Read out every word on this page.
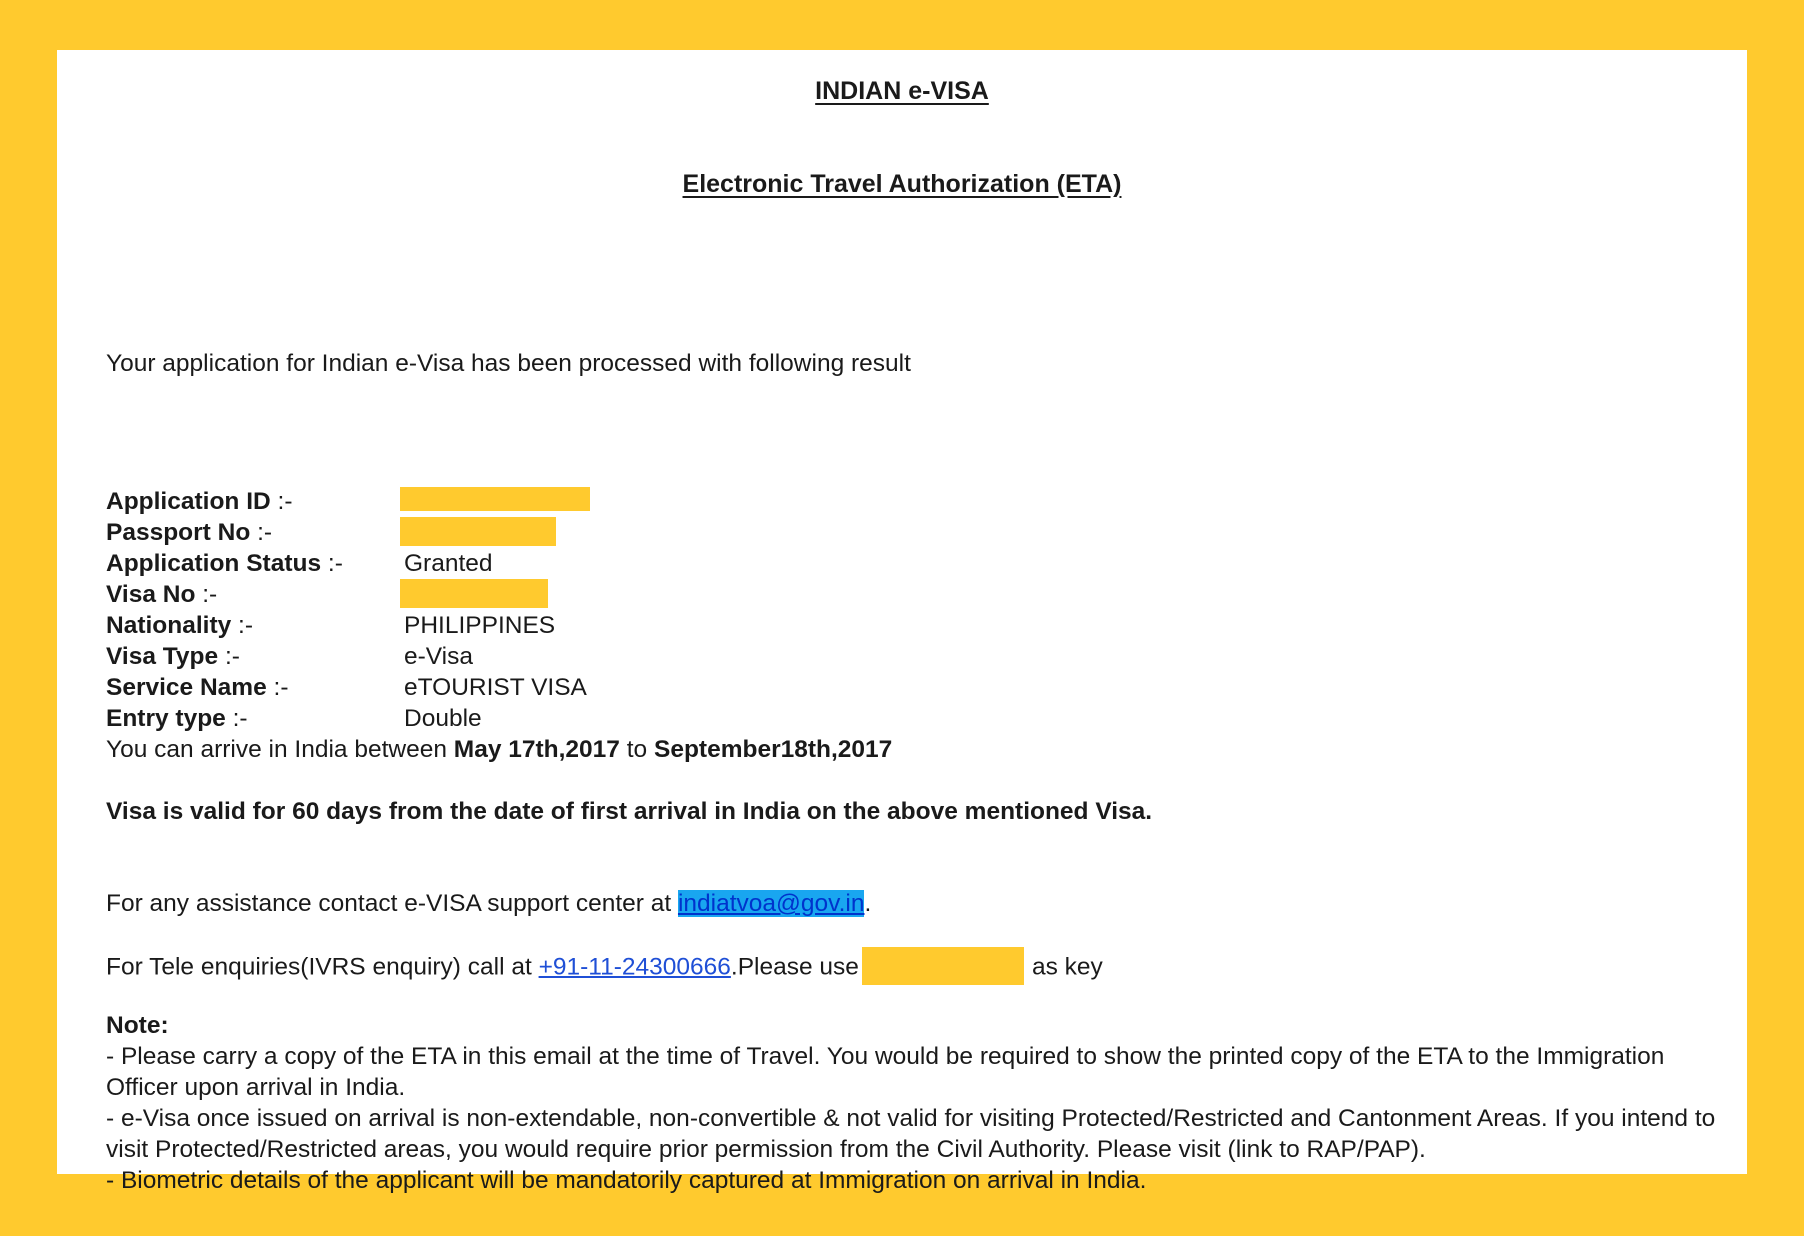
INDIAN e-VISA
Electronic Travel Authorization (ETA)
Your application for Indian e-Visa has been processed with following result
Application ID :-
Passport No :-
Application Status :- Granted
Visa No :-
Nationality :-	PHILIPPINES
Visa Type :-	e-Visa
Service Name :-	eTOURIST VISA
Entry type :-	Double
You can arrive in India between May 17th,2017 to September18th,2017
Visa is valid for 60 days from the date of first arrival in India on the above mentioned Visa.
For any assistance contact e-VISA support center at indiatvoa@gov.in.
For Tele enquiries(IVRS enquiry) call at +91-11-24300666.Please use	as key
Note:

- Please carry a copy of the ETA in this email at the time of Travel. You would be required to show the printed copy of the ETA to the Immigration Officer upon arrival in India.

- e-Visa once issued on arrival is non-extendable, non-convertible & not valid for visiting Protected/Restricted and Cantonment Areas. If you intend to visit Protected/Restricted areas, you would require prior permission from the Civil Authority. Please visit (link to RAP/PAP).

- Biometric details of the applicant will be mandatorily captured at Immigration on arrival in India.
